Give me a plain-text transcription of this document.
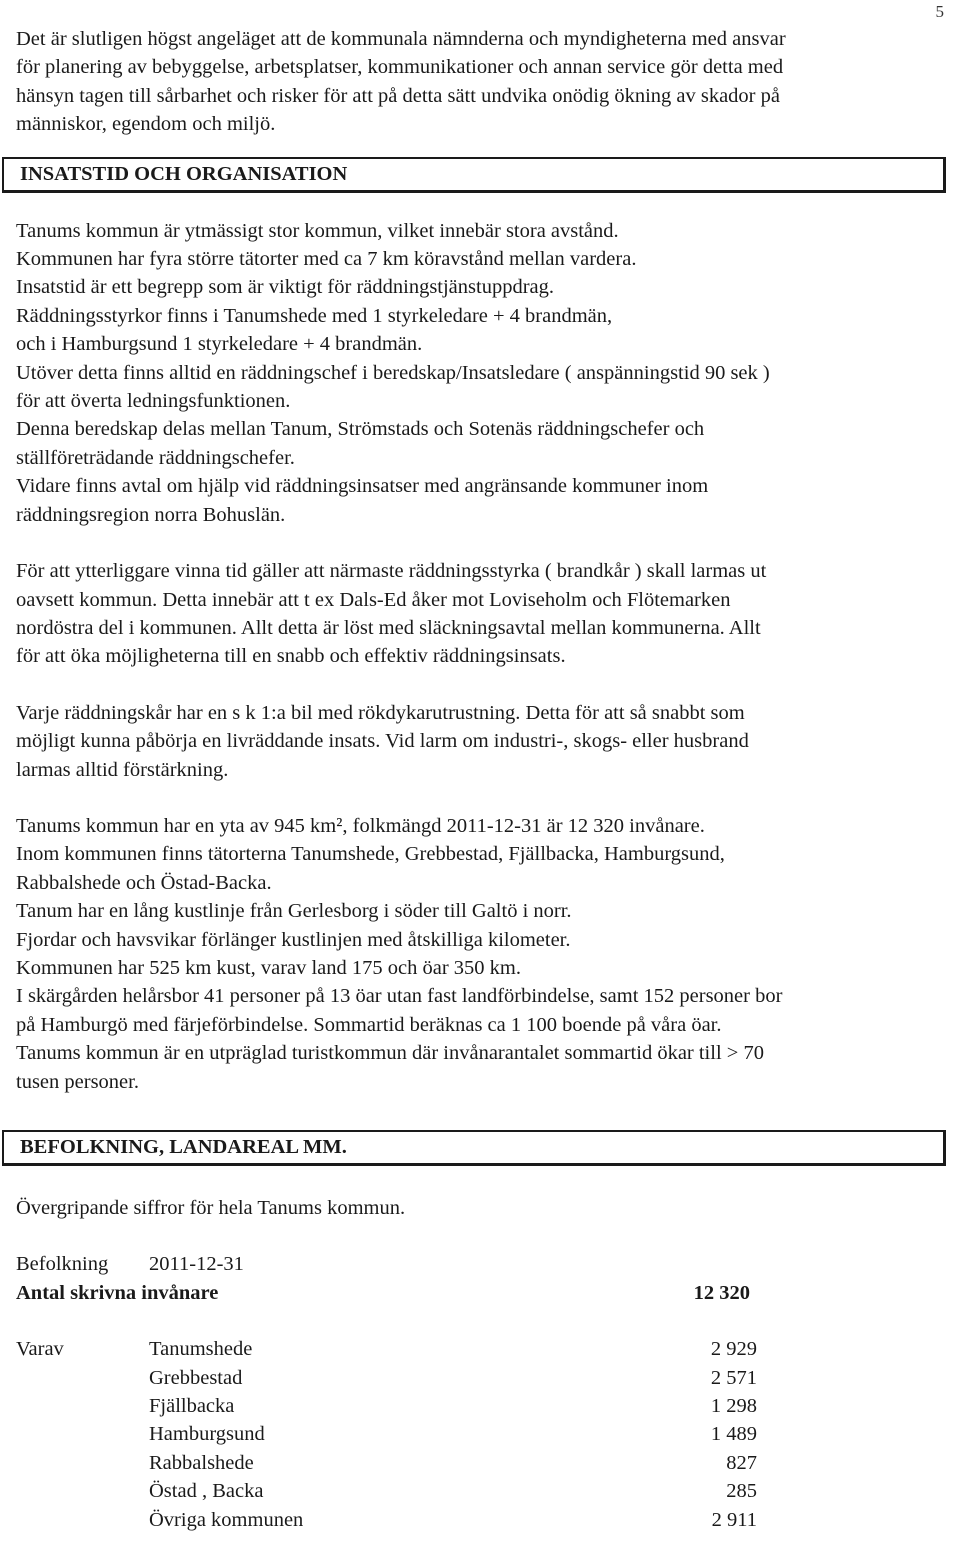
5

Det är slutligen högst angeläget att de kommunala nämnderna och myndigheterna med ansvar
för planering av bebyggelse, arbetsplatser, kommunikationer och annan service gör detta med
hänsyn tagen till sårbarhet och risker för att på detta sätt undvika onödig ökning av skador på
människor, egendom och miljö.

INSATSTID OCH ORGANISATION

Tanums kommun är ytmässigt stor kommun, vilket innebär stora avstånd.
Kommunen har fyra större tätorter med ca 7 km köravstånd mellan vardera.
Insatstid är ett begrepp som är viktigt för räddningstjänstuppdrag.
Räddningsstyrkor finns i Tanumshede med 1 styrkeledare + 4 brandmän,
och i Hamburgsund 1 styrkeledare + 4 brandmän.
Utöver detta finns alltid en räddningschef i beredskap/Insatsledare ( anspänningstid 90 sek )
för att överta ledningsfunktionen.
Denna beredskap delas mellan Tanum, Strömstads och Sotenäs räddningschefer och
ställföreträdande räddningschefer.
Vidare finns avtal om hjälp vid räddningsinsatser med angränsande kommuner inom
räddningsregion norra Bohuslän.

För att ytterliggare vinna tid gäller att närmaste räddningsstyrka ( brandkår ) skall larmas ut
oavsett kommun. Detta innebär att t ex Dals-Ed åker mot Loviseholm och Flötemarken
nordöstra del i kommunen. Allt detta är löst med släckningsavtal mellan kommunerna. Allt
för att öka möjligheterna till en snabb och effektiv räddningsinsats.

Varje räddningskår har en s k 1:a bil med rökdykarutrustning. Detta för att så snabbt som
möjligt kunna påbörja en livräddande insats. Vid larm om industri-, skogs- eller husbrand
larmas alltid förstärkning.

Tanums kommun har en yta av 945 km², folkmängd 2011-12-31 är 12 320 invånare.
Inom kommunen finns tätorterna Tanumshede, Grebbestad, Fjällbacka, Hamburgsund,
Rabbalshede och Östad-Backa.
Tanum har en lång kustlinje från Gerlesborg i söder till Galtö i norr.
Fjordar och havsvikar förlänger kustlinjen med åtskilliga kilometer.
Kommunen har 525 km kust, varav land 175 och öar 350 km.
I skärgården helårsbor 41 personer på 13 öar utan fast landförbindelse, samt 152 personer bor
på Hamburgö med färjeförbindelse. Sommartid beräknas ca 1 100 boende på våra öar.
Tanums kommun är en utpräglad turistkommun där invånarantalet sommartid ökar till > 70
tusen personer.

BEFOLKNING, LANDAREAL MM.

Övergripande siffror för hela Tanums kommun.

Befolkning	2011-12-31
Antal skrivna invånare	12 320
Varav	Tanumshede	2 929
	Grebbestad	2 571
	Fjällbacka	1 298
	Hamburgsund	1 489
	Rabbalshede	827
	Östad , Backa	285
	Övriga kommunen	2 911
